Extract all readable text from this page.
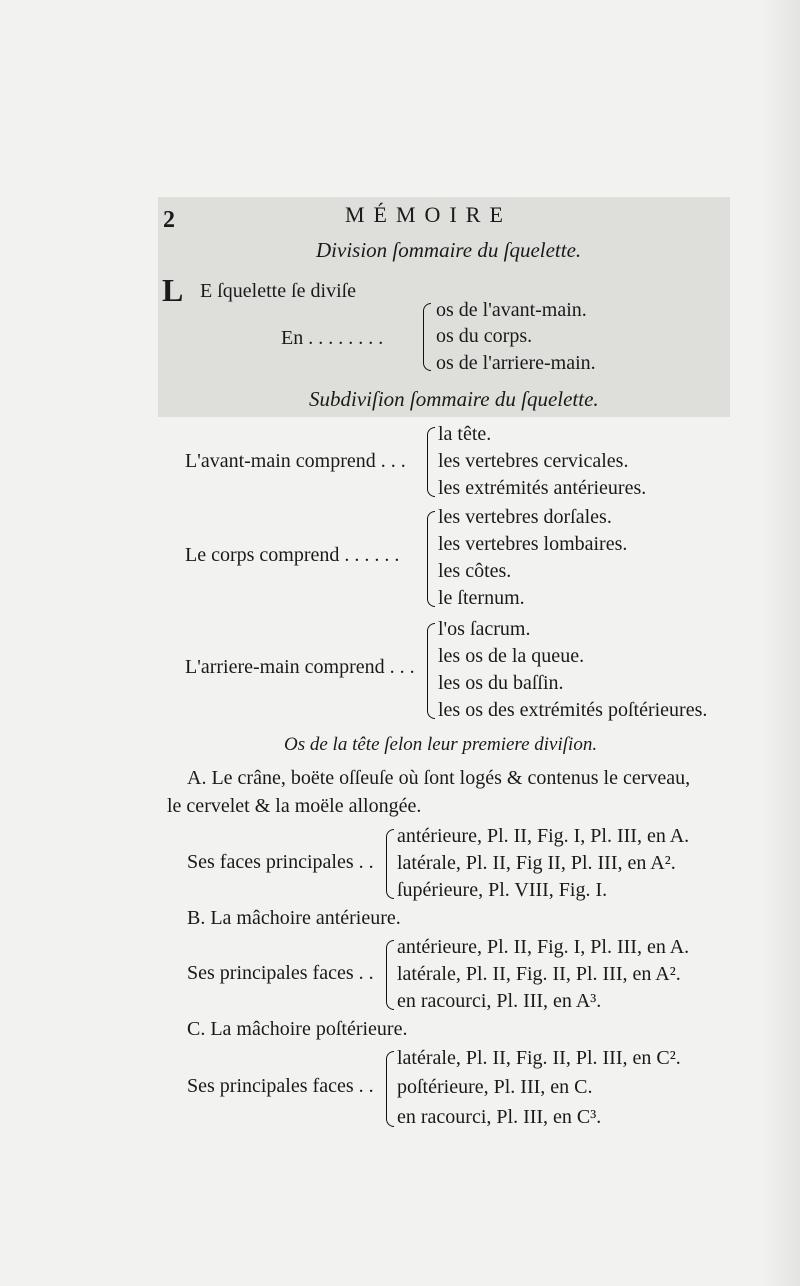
2	MÉMOIRE
Division ſommaire du ſquelette.
L E ſquelette ſe diviſe
En . . . . . . . .
os de l'avant-main.
os du corps.
os de l'arriere-main.
Subdiviſion ſommaire du ſquelette.
L'avant-main comprend . . .
la tête.
les vertebres cervicales.
les extrémités antérieures.
Le corps comprend . . . . . .
les vertebres dorſales.
les vertebres lombaires.
les côtes.
le ſternum.
L'arriere-main comprend . . .
l'os ſacrum.
les os de la queue.
les os du baſſin.
les os des extrémités poſtérieures.
Os de la tête ſelon leur premiere diviſion.
A. Le crâne, boëte oſſeuſe où ſont logés & contenus le cerveau,
le cervelet & la moële allongée.
Ses faces principales . .
antérieure, Pl. II, Fig. I, Pl. III, en A.
latérale, Pl. II, Fig II, Pl. III, en A².
ſupérieure, Pl. VIII, Fig. I.
B. La mâchoire antérieure.
Ses principales faces . .
antérieure, Pl. II, Fig. I, Pl. III, en A.
latérale, Pl. II, Fig. II, Pl. III, en A².
en racourci, Pl. III, en A³.
C. La mâchoire poſtérieure.
Ses principales faces . .
latérale, Pl. II, Fig. II, Pl. III, en C².
poſtérieure, Pl. III, en C.
en racourci, Pl. III, en C³.
